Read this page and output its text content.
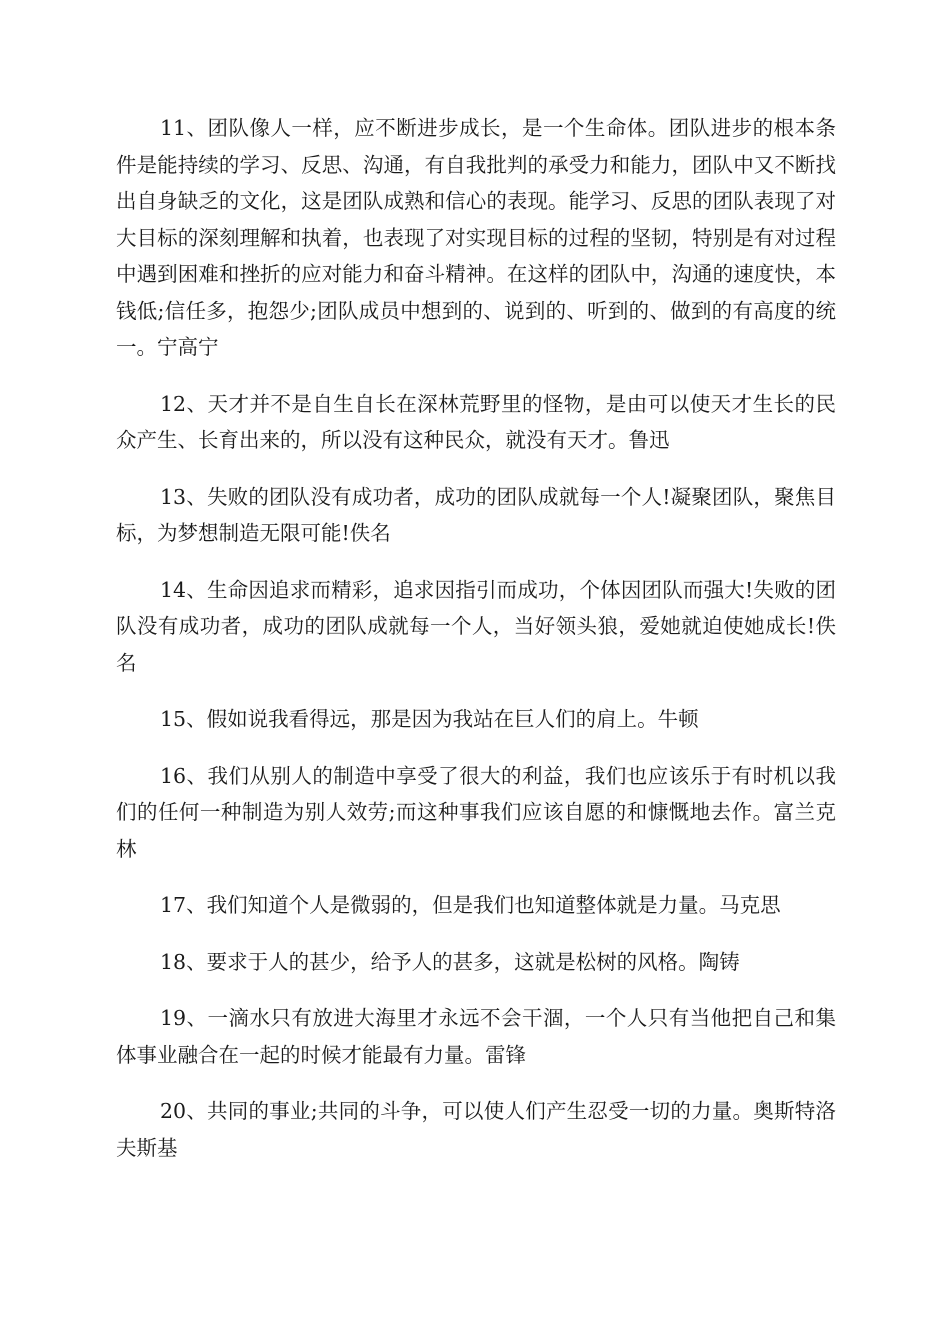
11、团队像人一样，应不断进步成长，是一个生命体。团队进步的根本条件是能持续的学习、反思、沟通，有自我批判的承受力和能力，团队中又不断找出自身缺乏的文化，这是团队成熟和信心的表现。能学习、反思的团队表现了对大目标的深刻理解和执着，也表现了对实现目标的过程的坚韧，特别是有对过程中遇到困难和挫折的应对能力和奋斗精神。在这样的团队中，沟通的速度快，本钱低;信任多，抱怨少;团队成员中想到的、说到的、听到的、做到的有高度的统一。宁高宁

12、天才并不是自生自长在深林荒野里的怪物，是由可以使天才生长的民众产生、长育出来的，所以没有这种民众，就没有天才。鲁迅

13、失败的团队没有成功者，成功的团队成就每一个人!凝聚团队，聚焦目标，为梦想制造无限可能!佚名

14、生命因追求而精彩，追求因指引而成功，个体因团队而强大!失败的团队没有成功者，成功的团队成就每一个人，当好领头狼，爱她就迫使她成长!佚名

15、假如说我看得远，那是因为我站在巨人们的肩上。牛顿

16、我们从别人的制造中享受了很大的利益，我们也应该乐于有时机以我们的任何一种制造为别人效劳;而这种事我们应该自愿的和慷慨地去作。富兰克林

17、我们知道个人是微弱的，但是我们也知道整体就是力量。马克思

18、要求于人的甚少，给予人的甚多，这就是松树的风格。陶铸

19、一滴水只有放进大海里才永远不会干涸，一个人只有当他把自己和集体事业融合在一起的时候才能最有力量。雷锋

20、共同的事业;共同的斗争，可以使人们产生忍受一切的力量。奥斯特洛夫斯基
